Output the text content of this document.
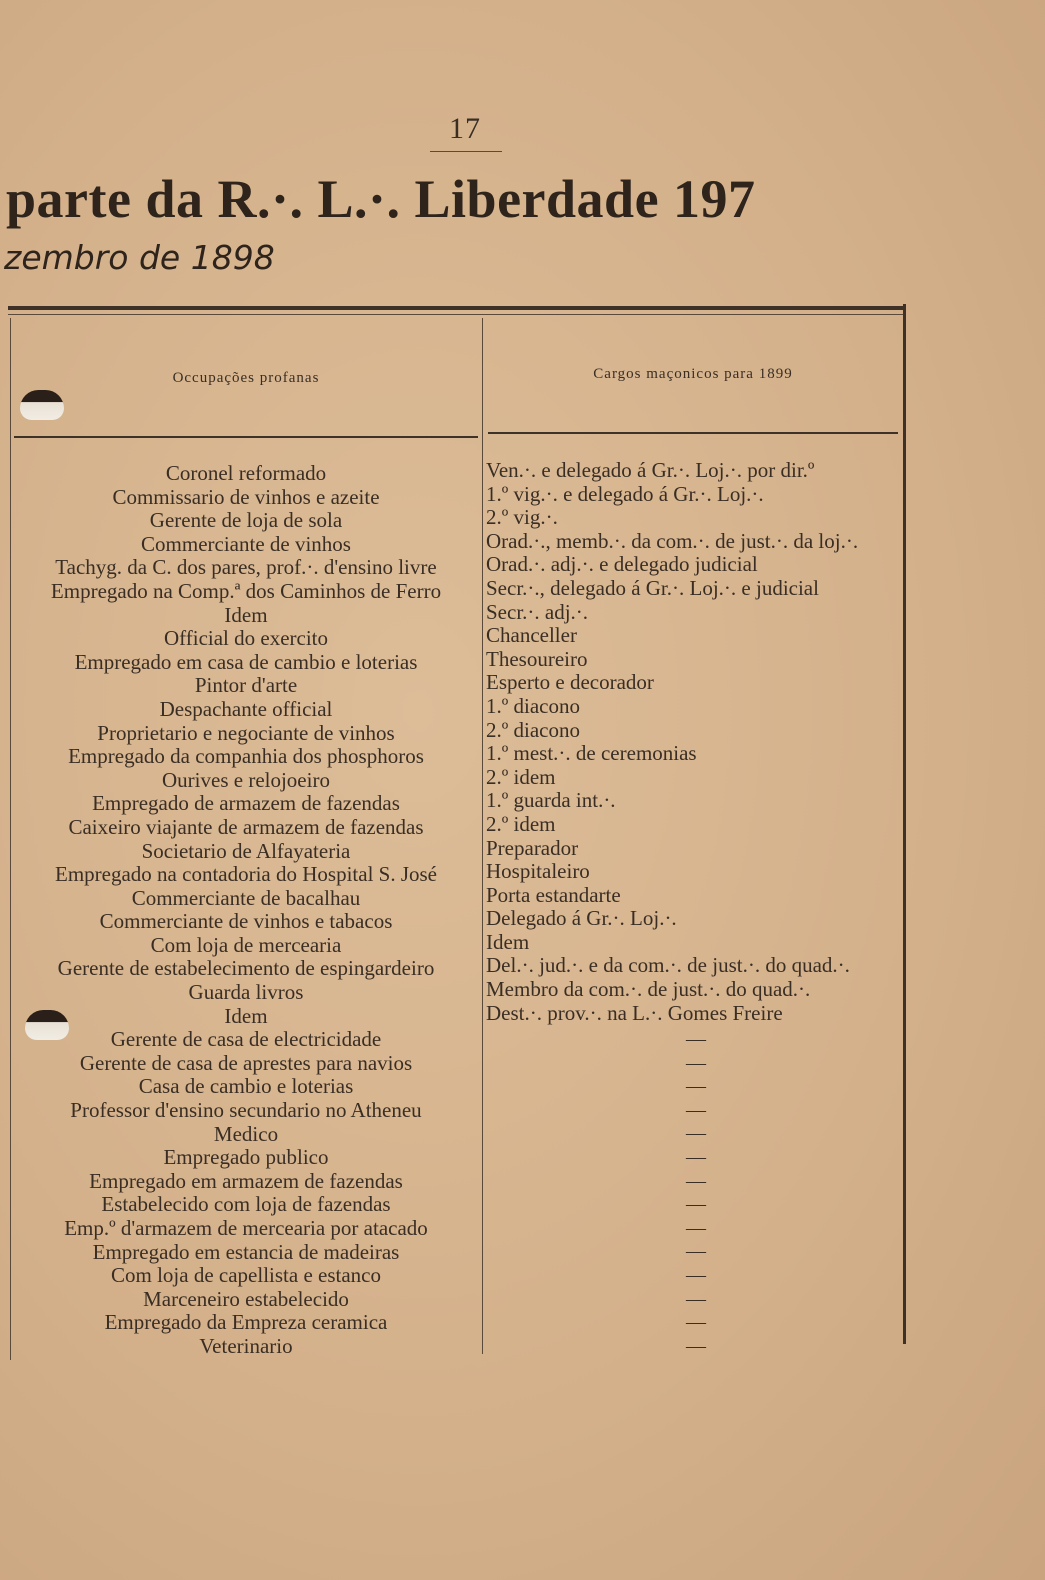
17
parte da R.·. L.·. Liberdade 197
zembro de 1898
Occupações profanas	Cargos maçonicos para 1899
Coronel reformado
Commissario de vinhos e azeite
Gerente de loja de sola
Commerciante de vinhos
Tachyg. da C. dos pares, prof.·. d'ensino livre
Empregado na Comp.ª dos Caminhos de Ferro
Idem
Official do exercito
Empregado em casa de cambio e loterias
Pintor d'arte
Despachante official
Proprietario e negociante de vinhos
Empregado da companhia dos phosphoros
Ourives e relojoeiro
Empregado de armazem de fazendas
Caixeiro viajante de armazem de fazendas
Societario de Alfayateria
Empregado na contadoria do Hospital S. José
Commerciante de bacalhau
Commerciante de vinhos e tabacos
Com loja de mercearia
Gerente de estabelecimento de espingardeiro
Guarda livros
Idem
Gerente de casa de electricidade
Gerente de casa de aprestes para navios
Casa de cambio e loterias
Professor d'ensino secundario no Atheneu
Medico
Empregado publico
Empregado em armazem de fazendas
Estabelecido com loja de fazendas
Emp.º d'armazem de mercearia por atacado
Empregado em estancia de madeiras
Com loja de capellista e estanco
Marceneiro estabelecido
Empregado da Empreza ceramica
Veterinario
Ven.·. e delegado á Gr.·. Loj.·. por dir.º
1.º vig.·. e delegado á Gr.·. Loj.·.
2.º vig.·.
Orad.·., memb.·. da com.·. de just.·. da loj.·.
Orad.·. adj.·. e delegado judicial
Secr.·., delegado á Gr.·. Loj.·. e judicial
Secr.·. adj.·.
Chanceller
Thesoureiro
Esperto e decorador
1.º diacono
2.º diacono
1.º mest.·. de ceremonias
2.º idem
1.º guarda int.·.
2.º idem
Preparador
Hospitaleiro
Porta estandarte
Delegado á Gr.·. Loj.·.
Idem
Del.·. jud.·. e da com.·. de just.·. do quad.·.
Membro da com.·. de just.·. do quad.·.
Dest.·. prov.·. na L.·. Gomes Freire
—
—
—
—
—
—
—
—
—
—
—
—
—
—
